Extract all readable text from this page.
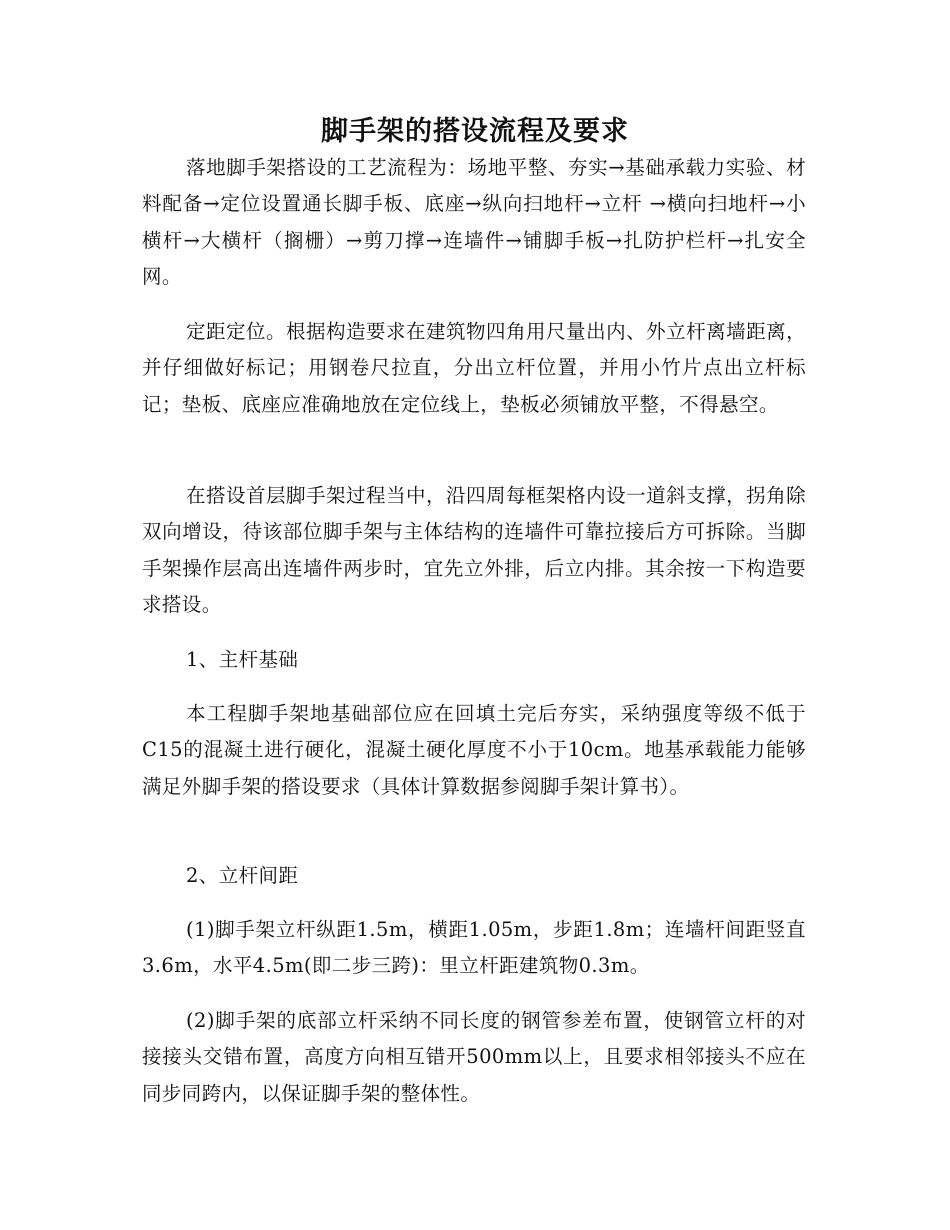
脚手架的搭设流程及要求

落地脚手架搭设的工艺流程为：场地平整、夯实→基础承载力实验、材料配备→定位设置通长脚手板、底座→纵向扫地杆→立杆 →横向扫地杆→小横杆→大横杆（搁栅）→剪刀撑→连墙件→铺脚手板→扎防护栏杆→扎安全网。

定距定位。根据构造要求在建筑物四角用尺量出内、外立杆离墙距离，并仔细做好标记；用钢卷尺拉直，分出立杆位置，并用小竹片点出立杆标记；垫板、底座应准确地放在定位线上，垫板必须铺放平整，不得悬空。

在搭设首层脚手架过程当中，沿四周每框架格内设一道斜支撑，拐角除双向增设，待该部位脚手架与主体结构的连墙件可靠拉接后方可拆除。当脚手架操作层高出连墙件两步时，宜先立外排，后立内排。其余按一下构造要求搭设。

1、主杆基础

本工程脚手架地基础部位应在回填土完后夯实，采纳强度等级不低于C15的混凝土进行硬化，混凝土硬化厚度不小于10cm。地基承载能力能够满足外脚手架的搭设要求（具体计算数据参阅脚手架计算书）。

2、立杆间距

(1)脚手架立杆纵距1.5m，横距1.05m，步距1.8m；连墙杆间距竖直3.6m，水平4.5m(即二步三跨)：里立杆距建筑物0.3m。

(2)脚手架的底部立杆采纳不同长度的钢管参差布置，使钢管立杆的对接接头交错布置，高度方向相互错开500mm以上，且要求相邻接头不应在同步同跨内，以保证脚手架的整体性。
